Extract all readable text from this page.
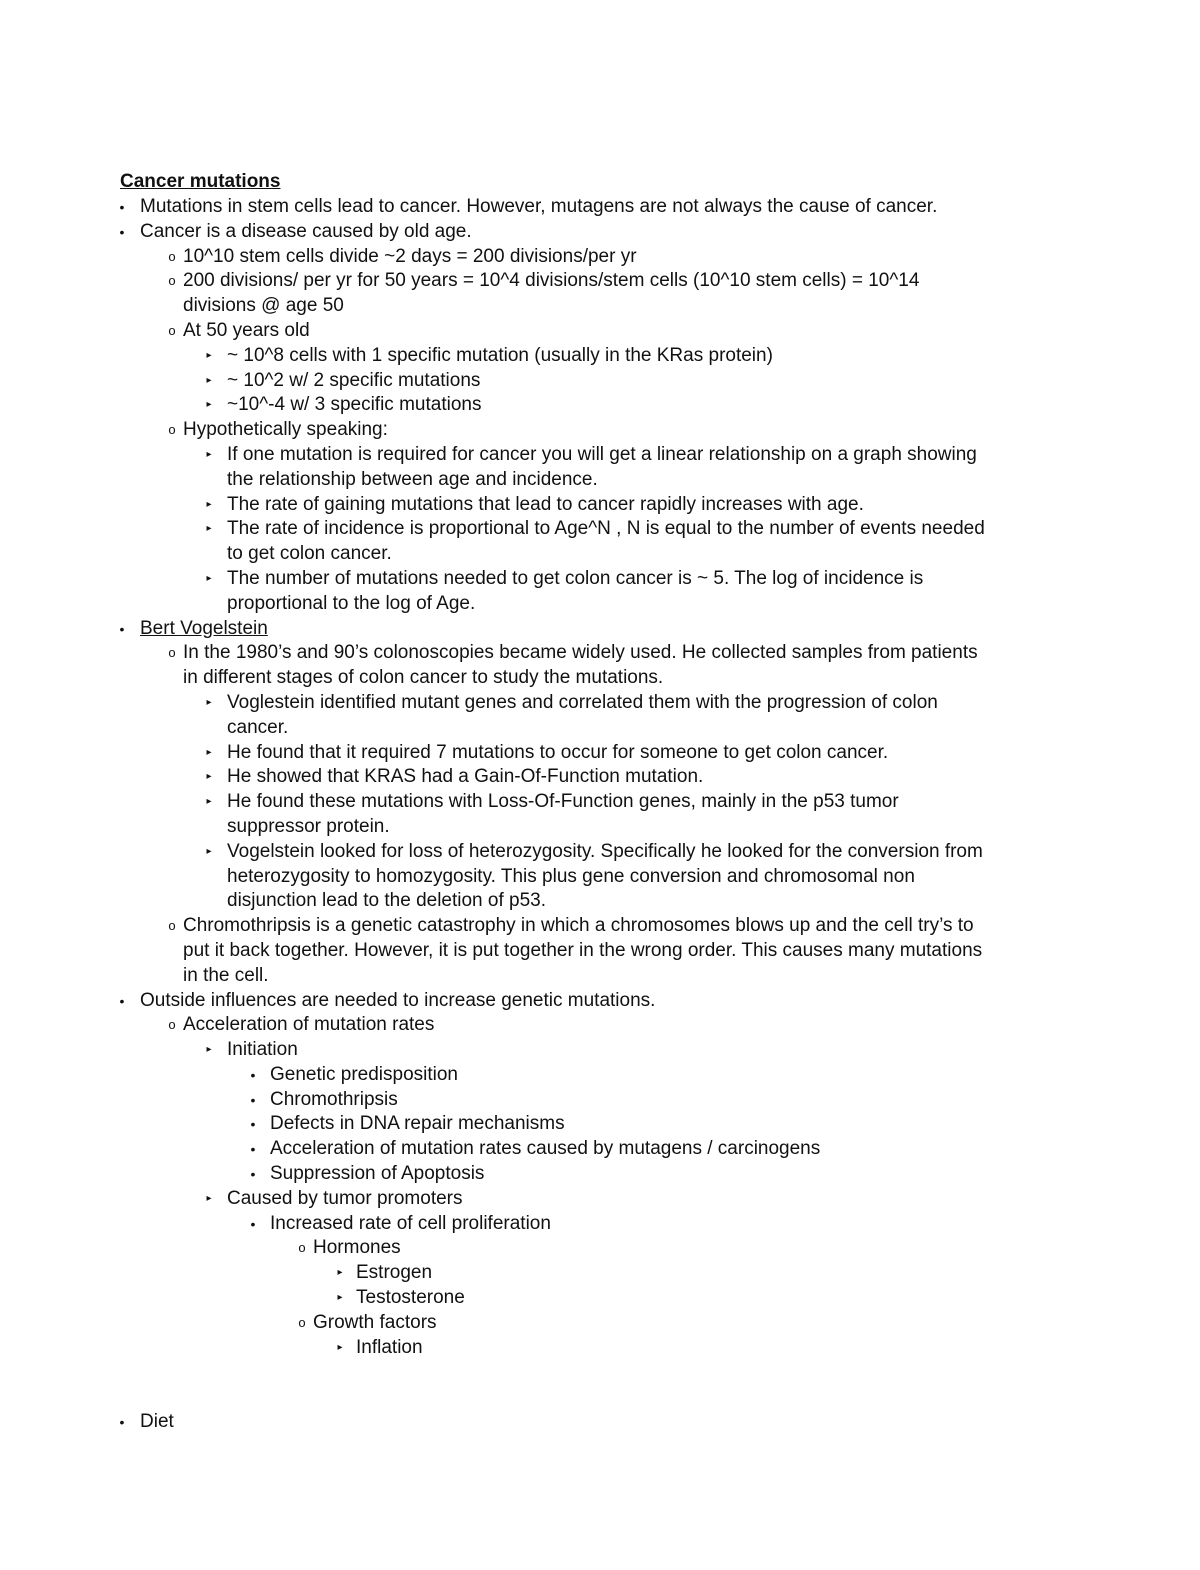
Cancer mutations
• Mutations in stem cells lead to cancer. However, mutagens are not always the cause of cancer.
• Cancer is a disease caused by old age.
o 10^10 stem cells divide ~2 days = 200 divisions/per yr
o 200 divisions/ per yr for 50 years = 10^4 divisions/stem cells (10^10 stem cells) = 10^14
divisions @ age 50
o At 50 years old
▸ ~ 10^8 cells with 1 specific mutation (usually in the KRas protein)
▸ ~ 10^2 w/ 2 specific mutations
▸ ~10^-4 w/ 3 specific mutations
o Hypothetically speaking:
▸ If one mutation is required for cancer you will get a linear relationship on a graph showing
the relationship between age and incidence.
▸ The rate of gaining mutations that lead to cancer rapidly increases with age.
▸ The rate of incidence is proportional to Age^N , N is equal to the number of events needed
to get colon cancer.
▸ The number of mutations needed to get colon cancer is ~ 5. The log of incidence is
proportional to the log of Age.
• Bert Vogelstein
o In the 1980’s and 90’s colonoscopies became widely used. He collected samples from patients
in different stages of colon cancer to study the mutations.
▸ Voglestein identified mutant genes and correlated them with the progression of colon
cancer.
▸ He found that it required 7 mutations to occur for someone to get colon cancer.
▸ He showed that KRAS had a Gain-Of-Function mutation.
▸ He found these mutations with Loss-Of-Function genes, mainly in the p53 tumor
suppressor protein.
▸ Vogelstein looked for loss of heterozygosity. Specifically he looked for the conversion from
heterozygosity to homozygosity. This plus gene conversion and chromosomal non
disjunction lead to the deletion of p53.
o Chromothripsis is a genetic catastrophy in which a chromosomes blows up and the cell try’s to
put it back together. However, it is put together in the wrong order. This causes many mutations
in the cell.
• Outside influences are needed to increase genetic mutations.
o Acceleration of mutation rates
▸ Initiation
• Genetic predisposition
• Chromothripsis
• Defects in DNA repair mechanisms
• Acceleration of mutation rates caused by mutagens / carcinogens
• Suppression of Apoptosis
▸ Caused by tumor promoters
• Increased rate of cell proliferation
o Hormones
▸ Estrogen
▸ Testosterone
o Growth factors
▸ Inflation
• Diet
